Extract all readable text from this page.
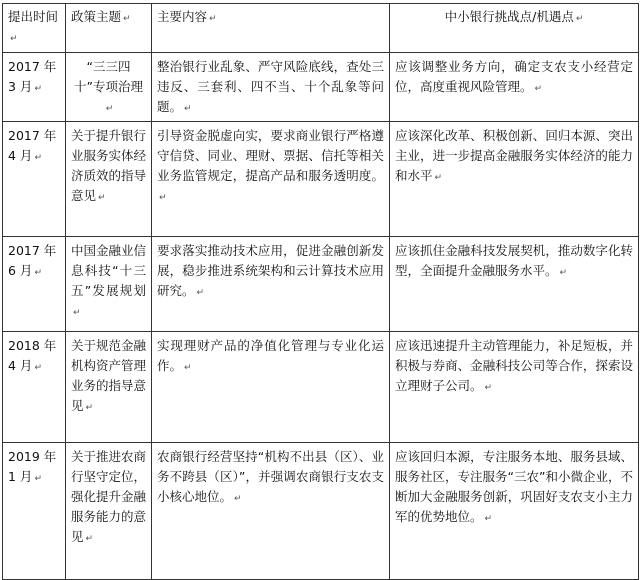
提出时间↵	政策主题 ↵	主要内容 ↵	中小银行挑战点/机遇点 ↵
2017 年 3 月 ↵	“三三四十”专项治理↵	整治银行业乱象、严守风险底线，查处三违反、三套利、四不当、十个乱象等问题。 ↵	应该调整业务方向，确定支农支小经营定位，高度重视风险管理。 ↵
2017 年 4 月 ↵	关于提升银行业服务实体经济质效的指导意见 ↵	引导资金脱虚向实，要求商业银行严格遵守信贷、同业、理财、票据、信托等相关业务监管规定，提高产品和服务透明度。↵	应该深化改革、积极创新、回归本源、突出主业，进一步提高金融服务实体经济的能力和水平 ↵
2017 年 6 月 ↵	中国金融业信息科技“十三五”发展规划↵	要求落实推动技术应用，促进金融创新发展，稳步推进系统架构和云计算技术应用研究。 ↵	应该抓住金融科技发展契机，推动数字化转型，全面提升金融服务水平。 ↵
2018 年 4 月 ↵	关于规范金融机构资产管理业务的指导意见 ↵	实现理财产品的净值化管理与专业化运作。 ↵	应该迅速提升主动管理能力，补足短板，并积极与券商、金融科技公司等合作，探索设立理财子公司。 ↵
2019 年 1 月 ↵	关于推进农商行坚守定位，强化提升金融服务能力的意见 ↵	农商银行经营坚持“机构不出县（区）、业务不跨县（区）”，并强调农商银行支农支小核心地位。 ↵	应该回归本源，专注服务本地、服务县域、服务社区，专注服务“三农”和小微企业，不断加大金融服务创新，巩固好支农支小主力军的优势地位。 ↵
